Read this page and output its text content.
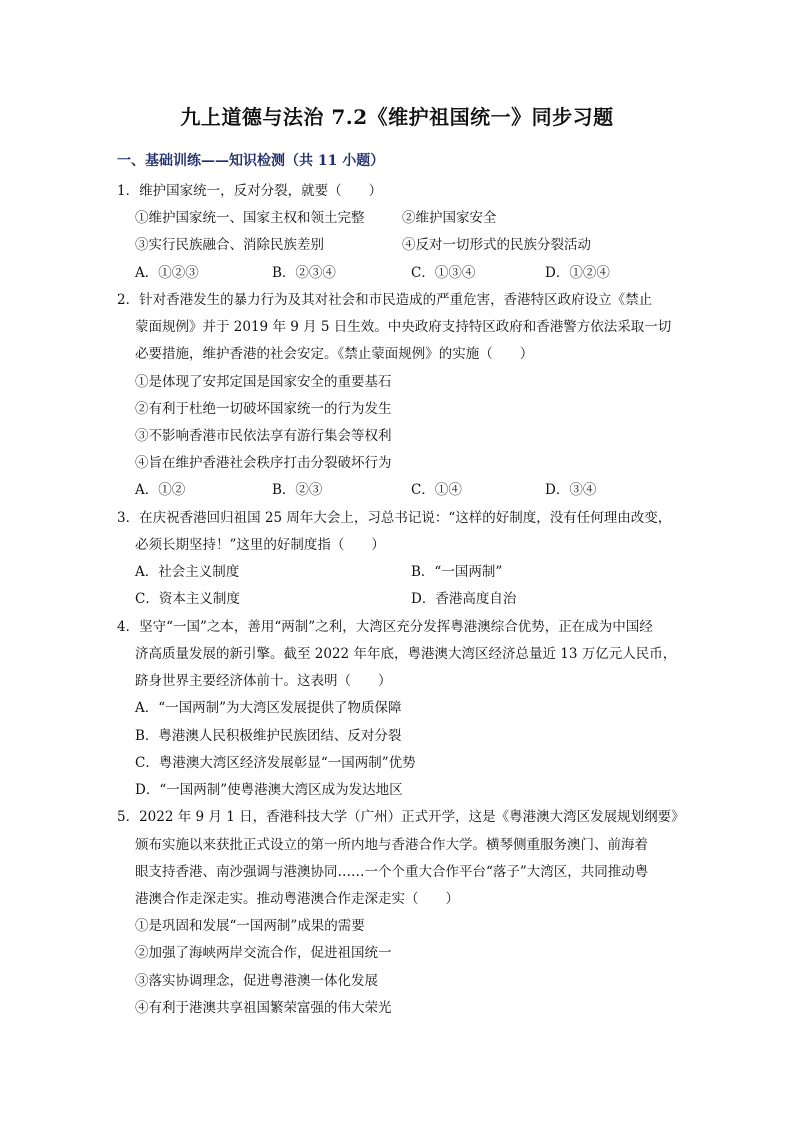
九上道德与法治 7.2《维护祖国统一》同步习题
一、基础训练——知识检测（共 11 小题）
1．维护国家统一，反对分裂，就要（　　）
①维护国家统一、国家主权和领土完整	②维护国家安全
③实行民族融合、消除民族差别	④反对一切形式的民族分裂活动
A．①②③	B．②③④	C．①③④	D．①②④
2．针对香港发生的暴力行为及其对社会和市民造成的严重危害，香港特区政府设立《禁止
蒙面规例》并于 2019 年 9 月 5 日生效。中央政府支持特区政府和香港警方依法采取一切
必要措施，维护香港的社会安定。《禁止蒙面规例》的实施（　　）
①是体现了安邦定国是国家安全的重要基石
②有利于杜绝一切破坏国家统一的行为发生
③不影响香港市民依法享有游行集会等权利
④旨在维护香港社会秩序打击分裂破坏行为
A．①②	B．②③	C．①④	D．③④
3．在庆祝香港回归祖国 25 周年大会上，习总书记说：“这样的好制度，没有任何理由改变，
必须长期坚持！”这里的好制度指（　　）
A．社会主义制度	B．“一国两制”
C．资本主义制度	D．香港高度自治
4．坚守“一国”之本，善用“两制”之利，大湾区充分发挥粤港澳综合优势，正在成为中国经
济高质量发展的新引擎。截至 2022 年年底，粤港澳大湾区经济总量近 13 万亿元人民币，
跻身世界主要经济体前十。这表明（　　）
A．“一国两制”为大湾区发展提供了物质保障
B．粤港澳人民积极维护民族团结、反对分裂
C．粤港澳大湾区经济发展彰显“一国两制”优势
D．“一国两制”使粤港澳大湾区成为发达地区
5．2022 年 9 月 1 日，香港科技大学（广州）正式开学，这是《粤港澳大湾区发展规划纲要》
颁布实施以来获批正式设立的第一所内地与香港合作大学。横琴侧重服务澳门、前海着
眼支持香港、南沙强调与港澳协同……一个个重大合作平台“落子”大湾区，共同推动粤
港澳合作走深走实。推动粤港澳合作走深走实（　　）
①是巩固和发展“一国两制”成果的需要
②加强了海峡两岸交流合作，促进祖国统一
③落实协调理念，促进粤港澳一体化发展
④有利于港澳共享祖国繁荣富强的伟大荣光
